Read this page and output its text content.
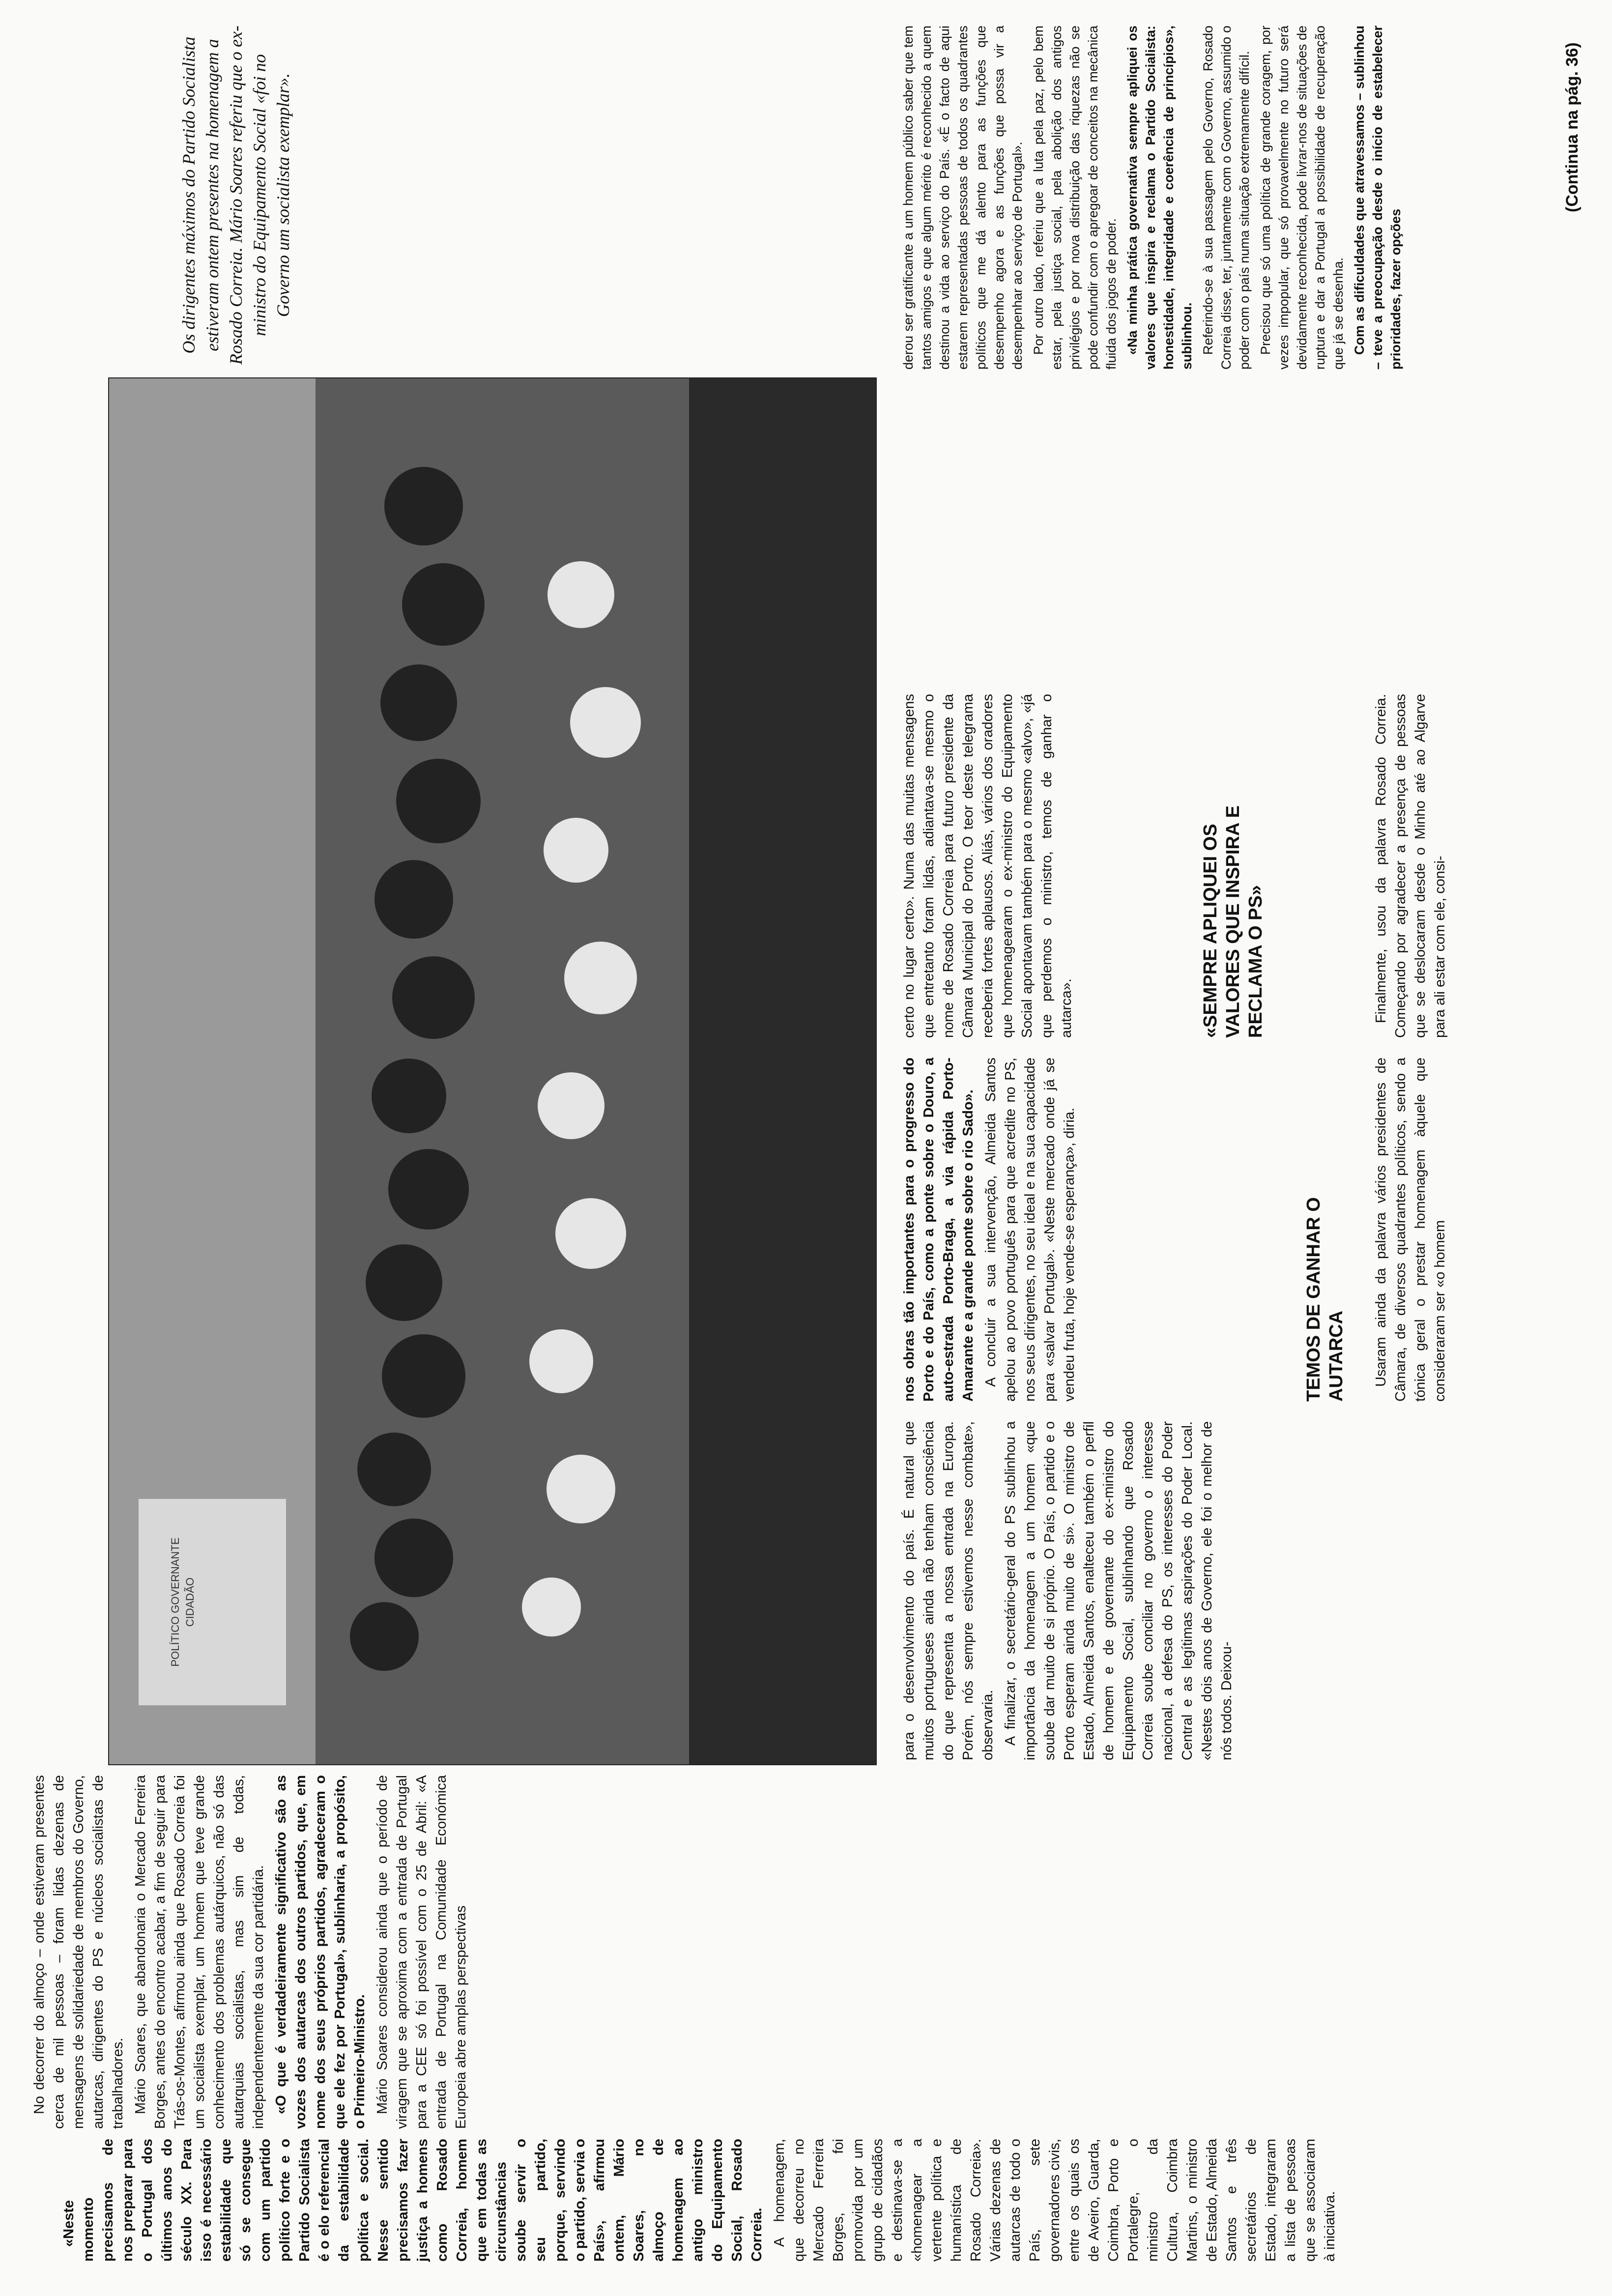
«Neste momento precisamos de nos preparar para o Portugal dos últimos anos do século XX. Para isso é necessário estabilidade que só se consegue com um partido político forte e o Partido Socialista é o elo referencial da estabilidade política e social. Nesse sentido precisamos fazer justiça a homens como Rosado Correia, homem que em todas as circunstâncias soube servir o seu partido, porque, servindo o partido, servia o País», afirmou ontem, Mário Soares, no almoço de homenagem ao antigo ministro do Equipamento Social, Rosado Correia. A homenagem, que decorreu no Mercado Ferreira Borges, foi promovida por um grupo de cidadãos e destinava-se a «homenagear a vertente política e humanística de Rosado Correia». Várias dezenas de autarcas de todo o País, sete governadores civis, entre os quais os de Aveiro, Guarda, Coimbra, Porto e Portalegre, o ministro da Cultura, Coimbra Martins, o ministro de Estado, Almeida Santos e três secretários de Estado, integraram a lista de pessoas que se associaram à iniciativa.

No decorrer do almoço – onde estiveram presentes cerca de mil pessoas – foram lidas dezenas de mensagens de solidariedade de membros do Governo, autarcas, dirigentes do PS e núcleos socialistas de trabalhadores. Mário Soares, que abandonaria o Mercado Ferreira Borges, antes do encontro acabar, a fim de seguir para Trás-os-Montes, afirmou ainda que Rosado Correia foi um socialista exemplar, um homem que teve grande conhecimento dos problemas autárquicos, não só das autarquias socialistas, mas sim de todas, independentemente da sua cor partidária. «O que é verdadeiramente significativo são as vozes dos autarcas dos outros partidos, que, em nome dos seus próprios partidos, agradeceram o que ele fez por Portugal», sublinharia, a propósito, o Primeiro-Ministro. Mário Soares considerou ainda que o período de viragem que se aproxima com a entrada de Portugal para a CEE só foi possível com o 25 de Abril: «A entrada de Portugal na Comunidade Económica Europeia abre amplas perspectivas

POLÍTICO GOVERNANTE CIDADÃO
Os dirigentes máximos do Partido Socialista estiveram ontem presentes na homenagem a Rosado Correia. Mário Soares referiu que o ex-ministro do Equipamento Social «foi no Governo um socialista exemplar».

para o desenvolvimento do país. É natural que muitos portugueses ainda não tenham consciência do que representa a nossa entrada na Europa. Porém, nós sempre estivemos nesse combate», observaria. A finalizar, o secretário-geral do PS sublinhou a importância da homenagem a um homem «que soube dar muito de si próprio. O País, o partido e o Porto esperam ainda muito de si». O ministro de Estado, Almeida Santos, enalteceu também o perfil de homem e de governante do ex-ministro do Equipamento Social, sublinhando que Rosado Correia soube conciliar no governo o interesse nacional, a defesa do PS, os interesses do Poder Central e as legítimas aspirações do Poder Local. «Nestes dois anos de Governo, ele foi o melhor de nós todos. Deixou-

nos obras tão importantes para o progresso do Porto e do País, como a ponte sobre o Douro, a auto-estrada Porto-Braga, a via rápida Porto-Amarante e a grande ponte sobre o rio Sado». A concluir a sua intervenção, Almeida Santos apelou ao povo português para que acredite no PS, nos seus dirigentes, no seu ideal e na sua capacidade para «salvar Portugal». «Neste mercado onde já se vendeu fruta, hoje vende-se esperança», diria.	TEMOS DE GANHAR O AUTARCA Usaram ainda da palavra vários presidentes de Câmara, de diversos quadrantes políticos, sendo a tónica geral o prestar homenagem àquele que consideraram ser «o homem

certo no lugar certo». Numa das muitas mensagens que entretanto foram lidas, adiantava-se mesmo o nome de Rosado Correia para futuro presidente da Câmara Municipal do Porto. O teor deste telegrama receberia fortes aplausos. Aliás, vários dos oradores que homenagearam o ex-ministro do Equipamento Social apontavam também para o mesmo «alvo», «já que perdemos o ministro, temos de ganhar o autarca».	«SEMPRE APLIQUEI OS VALORES QUE INSPIRA E RECLAMA O PS»	Finalmente, usou da palavra Rosado Correia. Começando por agradecer a presença de pessoas que se deslocaram desde o Minho até ao Algarve para ali estar com ele, consi-

derou ser gratificante a um homem público saber que tem tantos amigos e que algum mérito é reconhecido a quem destinou a vida ao serviço do País. «É o facto de aqui estarem representadas pessoas de todos os quadrantes políticos que me dá alento para as funções que desempenho agora e as funções que possa vir a desempenhar ao serviço de Portugal». Por outro lado, referiu que a luta pela paz, pelo bem estar, pela justiça social, pela abolição dos antigos privilégios e por nova distribuição das riquezas não se pode confundir com o apregoar de conceitos na mecânica fluida dos jogos de poder. «Na minha prática governativa sempre apliquei os valores que inspira e reclama o Partido Socialista: honestidade, integridade e coerência de princípios», sublinhou. Referindo-se à sua passagem pelo Governo, Rosado Correia disse, ter, juntamente com o Governo, assumido o poder com o país numa situação extremamente difícil. Precisou que só uma política de grande coragem, por vezes impopular, que só provavelmente no futuro será devidamente reconhecida, pode livrar-nos de situações de ruptura e dar a Portugal a possibilidade de recuperação que já se desenha. Com as dificuldades que atravessamos – sublinhou – teve a preocupação desde o início de estabelecer prioridades, fazer opções

(Continua na pág. 36)
